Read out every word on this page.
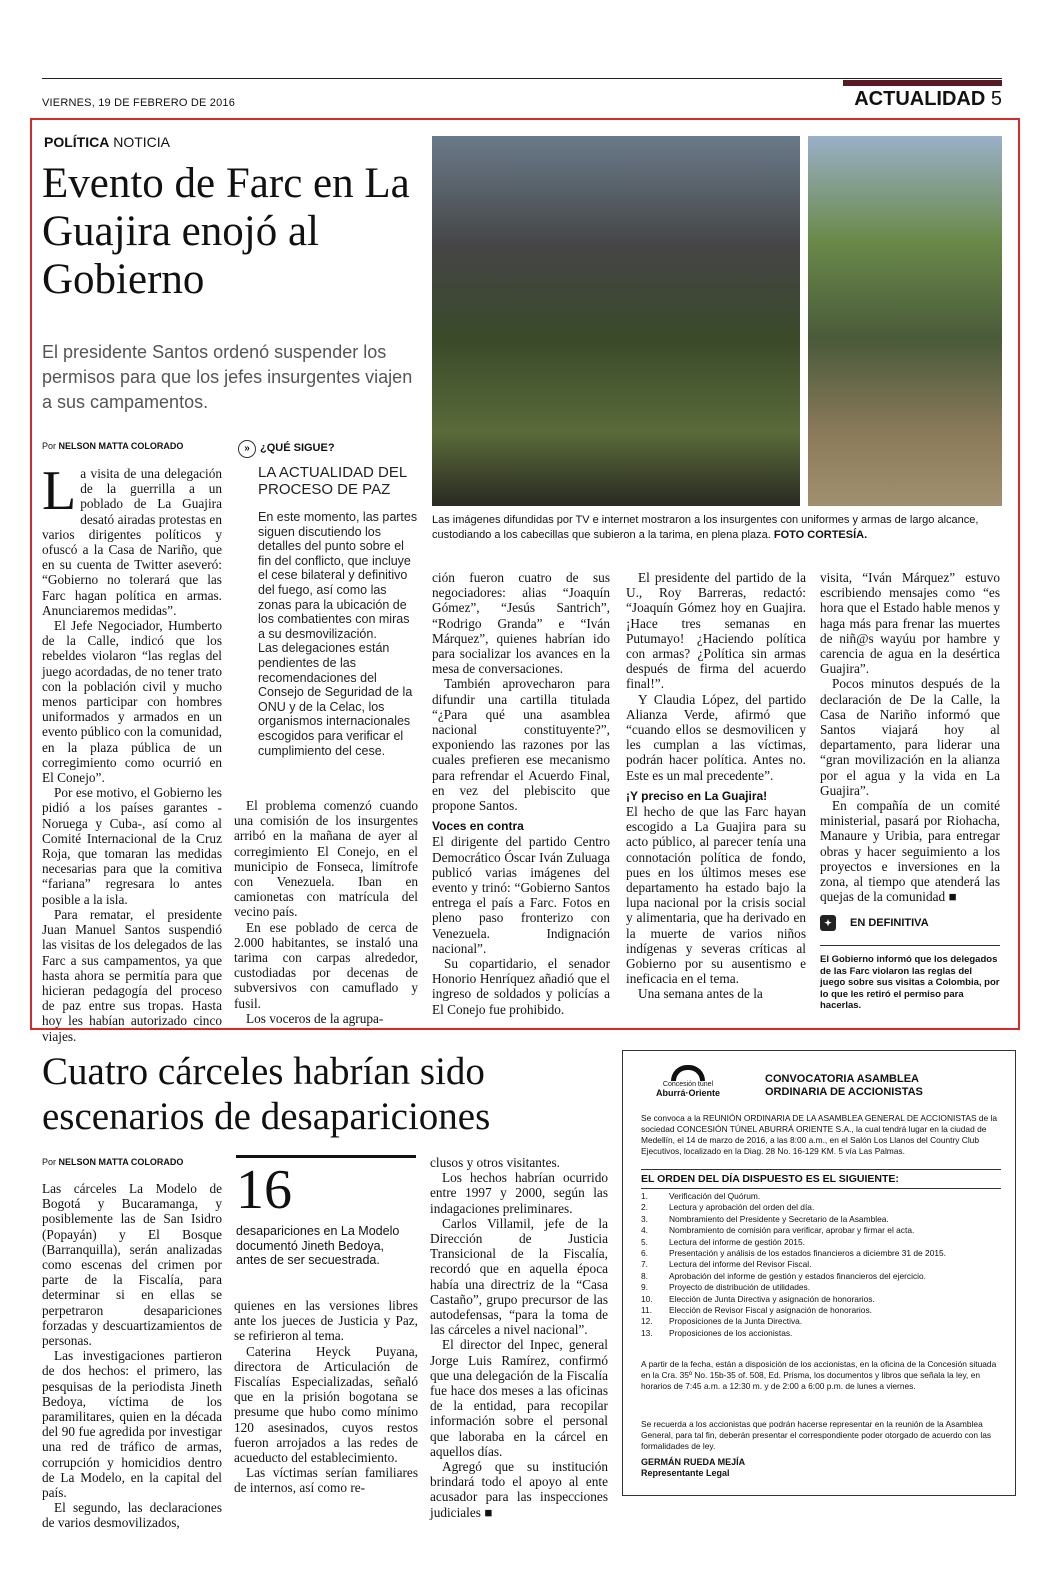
VIERNES, 19 DE FEBRERO DE 2016	ACTUALIDAD 5
POLÍTICA NOTICIA
Evento de Farc en La Guajira enojó al Gobierno
El presidente Santos ordenó suspender los permisos para que los jefes insurgentes viajen a sus campamentos.
Las imágenes difundidas por TV e internet mostraron a los insurgentes con uniformes y armas de largo alcance, custodiando a los cabecillas que subieron a la tarima, en plena plaza. FOTO CORTESÍA.
Por NELSON MATTA COLORADO

La visita de una delegación de la guerrilla a un poblado de La Guajira desató airadas protestas en varios dirigentes políticos y ofuscó a la Casa de Nariño, que en su cuenta de Twitter aseveró: “Gobierno no tolerará que las Farc hagan política en armas. Anunciaremos medidas”.

El Jefe Negociador, Humberto de la Calle, indicó que los rebeldes violaron “las reglas del juego acordadas, de no tener trato con la población civil y mucho menos participar con hombres uniformados y armados en un evento público con la comunidad, en la plaza pública de un corregimiento como ocurrió en El Conejo”.

Por ese motivo, el Gobierno les pidió a los países garantes -Noruega y Cuba-, así como al Comité Internacional de la Cruz Roja, que tomaran las medidas necesarias para que la comitiva “fariana” regresara lo antes posible a la isla.

Para rematar, el presidente Juan Manuel Santos suspendió las visitas de los delegados de las Farc a sus campamentos, ya que hasta ahora se permitía para que hicieran pedagogía del proceso de paz entre sus tropas. Hasta hoy les habían autorizado cinco viajes.

» ¿QUÉ SIGUE?
LA ACTUALIDAD DEL PROCESO DE PAZ
En este momento, las partes siguen discutiendo los detalles del punto sobre el fin del conflicto, que incluye el cese bilateral y definitivo del fuego, así como las zonas para la ubicación de los combatientes con miras a su desmovilización.
Las delegaciones están pendientes de las recomendaciones del Consejo de Seguridad de la ONU y de la Celac, los organismos internacionales escogidos para verificar el cumplimiento del cese.

El problema comenzó cuando una comisión de los insurgentes arribó en la mañana de ayer al corregimiento El Conejo, en el municipio de Fonseca, limítrofe con Venezuela. Iban en camionetas con matrícula del vecino país.

En ese poblado de cerca de 2.000 habitantes, se instaló una tarima con carpas alrededor, custodiadas por decenas de subversivos con camuflado y fusil.

Los voceros de la agrupa-

ción fueron cuatro de sus negociadores: alias “Joaquín Gómez”, “Jesús Santrich”, “Rodrigo Granda” e “Iván Márquez”, quienes habrían ido para socializar los avances en la mesa de conversaciones.

También aprovecharon para difundir una cartilla titulada “¿Para qué una asamblea nacional constituyente?”, exponiendo las razones por las cuales prefieren ese mecanismo para refrendar el Acuerdo Final, en vez del plebiscito que propone Santos.

Voces en contra

El dirigente del partido Centro Democrático Óscar Iván Zuluaga publicó varias imágenes del evento y trinó: “Gobierno Santos entrega el país a Farc. Fotos en pleno paso fronterizo con Venezuela. Indignación nacional”.

Su copartidario, el senador Honorio Henríquez añadió que el ingreso de soldados y policías a El Conejo fue prohibido.

El presidente del partido de la U., Roy Barreras, redactó: “Joaquín Gómez hoy en Guajira. ¡Hace tres semanas en Putumayo! ¿Haciendo política con armas? ¿Política sin armas después de firma del acuerdo final!”.

Y Claudia López, del partido Alianza Verde, afirmó que “cuando ellos se desmovilicen y les cumplan a las víctimas, podrán hacer política. Antes no. Este es un mal precedente”.

¡Y preciso en La Guajira!

El hecho de que las Farc hayan escogido a La Guajira para su acto público, al parecer tenía una connotación política de fondo, pues en los últimos meses ese departamento ha estado bajo la lupa nacional por la crisis social y alimentaria, que ha derivado en la muerte de varios niños indígenas y severas críticas al Gobierno por su ausentismo e ineficacia en el tema.

Una semana antes de la

visita, “Iván Márquez” estuvo escribiendo mensajes como “es hora que el Estado hable menos y haga más para frenar las muertes de niñ@s wayúu por hambre y carencia de agua en la desértica Guajira”.

Pocos minutos después de la declaración de De la Calle, la Casa de Nariño informó que Santos viajará hoy al departamento, para liderar una “gran movilización en la alianza por el agua y la vida en La Guajira”.

En compañía de un comité ministerial, pasará por Riohacha, Manaure y Uribia, para entregar obras y hacer seguimiento a los proyectos e inversiones en la zona, al tiempo que atenderá las quejas de la comunidad ■

✦ EN DEFINITIVA
El Gobierno informó que los delegados de las Farc violaron las reglas del juego sobre sus visitas a Colombia, por lo que les retiró el permiso para hacerlas.
Cuatro cárceles habrían sido escenarios de desapariciones
Por NELSON MATTA COLORADO

Las cárceles La Modelo de Bogotá y Bucaramanga, y posiblemente las de San Isidro (Popayán) y El Bosque (Barranquilla), serán analizadas como escenas del crimen por parte de la Fiscalía, para determinar si en ellas se perpetraron desapariciones forzadas y descuartizamientos de personas.

Las investigaciones partieron de dos hechos: el primero, las pesquisas de la periodista Jineth Bedoya, víctima de los paramilitares, quien en la década del 90 fue agredida por investigar una red de tráfico de armas, corrupción y homicidios dentro de La Modelo, en la capital del país.

El segundo, las declaraciones de varios desmovilizados,

16
desapariciones en La Modelo documentó Jineth Bedoya, antes de ser secuestrada.

quienes en las versiones libres ante los jueces de Justicia y Paz, se refirieron al tema.

Caterina Heyck Puyana, directora de Articulación de Fiscalías Especializadas, señaló que en la prisión bogotana se presume que hubo como mínimo 120 asesinados, cuyos restos fueron arrojados a las redes de acueducto del establecimiento.

Las víctimas serían familiares de internos, así como re-

clusos y otros visitantes.

Los hechos habrían ocurrido entre 1997 y 2000, según las indagaciones preliminares.

Carlos Villamil, jefe de la Dirección de Justicia Transicional de la Fiscalía, recordó que en aquella época había una directriz de la “Casa Castaño”, grupo precursor de las autodefensas, “para la toma de las cárceles a nivel nacional”.

El director del Inpec, general Jorge Luis Ramírez, confirmó que una delegación de la Fiscalía fue hace dos meses a las oficinas de la entidad, para recopilar información sobre el personal que laboraba en la cárcel en aquellos días.

Agregó que su institución brindará todo el apoyo al ente acusador para las inspecciones judiciales ■

Concesión túnel
Aburrá·Oriente
CONVOCATORIA ASAMBLEA ORDINARIA DE ACCIONISTAS
Se convoca a la REUNIÓN ORDINARIA DE LA ASAMBLEA GENERAL DE ACCIONISTAS de la sociedad CONCESIÓN TÚNEL ABURRÁ ORIENTE S.A., la cual tendrá lugar en la ciudad de Medellín, el 14 de marzo de 2016, a las 8:00 a.m., en el Salón Los Llanos del Country Club Ejecutivos, localizado en la Diag. 28 No. 16-129 KM. 5 vía Las Palmas.
EL ORDEN DEL DÍA DISPUESTO ES EL SIGUIENTE:
1.	Verificación del Quórum.
2.	Lectura y aprobación del orden del día.
3.	Nombramiento del Presidente y Secretario de la Asamblea.
4.	Nombramiento de comisión para verificar, aprobar y firmar el acta.
5.	Lectura del informe de gestión 2015.
6.	Presentación y análisis de los estados financieros a diciembre 31 de 2015.
7.	Lectura del informe del Revisor Fiscal.
8.	Aprobación del informe de gestión y estados financieros del ejercicio.
9.	Proyecto de distribución de utilidades.
10.	Elección de Junta Directiva y asignación de honorarios.
11.	Elección de Revisor Fiscal y asignación de honorarios.
12.	Proposiciones de la Junta Directiva.
13.	Proposiciones de los accionistas.
A partir de la fecha, están a disposición de los accionistas, en la oficina de la Concesión situada en la Cra. 35º No. 15b-35 of. 508, Ed. Prisma, los documentos y libros que señala la ley, en horarios de 7:45 a.m. a 12:30 m. y de 2:00 a 6:00 p.m. de lunes a viernes.
Se recuerda a los accionistas que podrán hacerse representar en la reunión de la Asamblea General, para tal fin, deberán presentar el correspondiente poder otorgado de acuerdo con las formalidades de ley.
GERMÁN RUEDA MEJÍA
Representante Legal
